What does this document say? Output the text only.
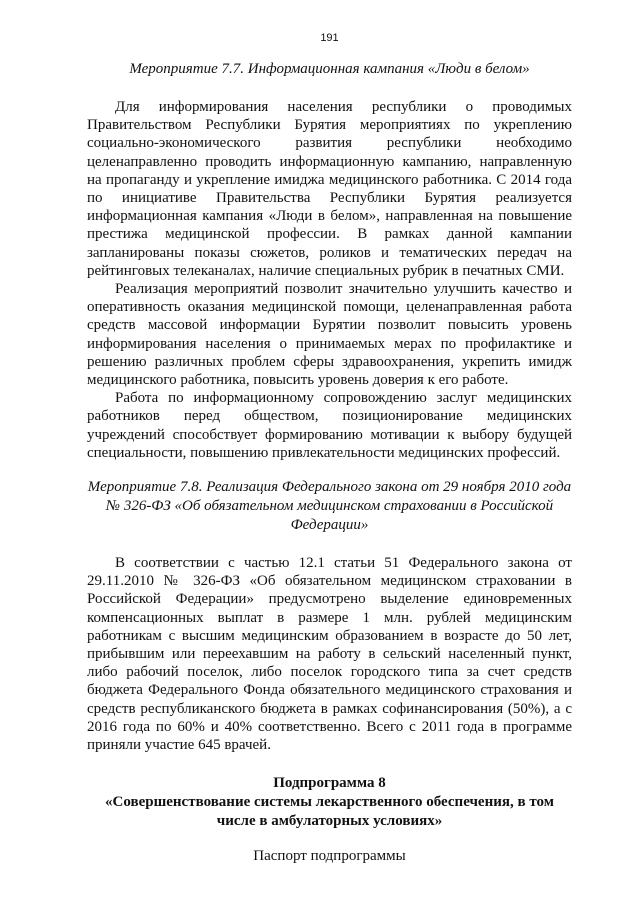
191
Мероприятие 7.7. Информационная кампания «Люди в белом»

Для информирования населения республики о проводимых Правительством Республики Бурятия мероприятиях по укреплению социально-экономического развития республики необходимо целенаправленно проводить информационную кампанию, направленную на пропаганду и укрепление имиджа медицинского работника. С 2014 года по инициативе Правительства Республики Бурятия реализуется информационная кампания «Люди в белом», направленная на повышение престижа медицинской профессии. В рамках данной кампании запланированы показы сюжетов, роликов и тематических передач на рейтинговых телеканалах, наличие специальных рубрик в печатных СМИ.

Реализация мероприятий позволит значительно улучшить качество и оперативность оказания медицинской помощи, целенаправленная работа средств массовой информации Бурятии позволит повысить уровень информирования населения о принимаемых мерах по профилактике и решению различных проблем сферы здравоохранения, укрепить имидж медицинского работника, повысить уровень доверия к его работе.

Работа по информационному сопровождению заслуг медицинских работников перед обществом, позиционирование медицинских учреждений способствует формированию мотивации к выбору будущей специальности, повышению привлекательности медицинских профессий.

Мероприятие 7.8. Реализация Федерального закона от 29 ноября 2010 года
№ 326-ФЗ «Об обязательном медицинском страховании в Российской
Федерации»

В соответствии с частью 12.1 статьи 51 Федерального закона от 29.11.2010 № 326-ФЗ «Об обязательном медицинском страховании в Российской Федерации» предусмотрено выделение единовременных компенсационных выплат в размере 1 млн. рублей медицинским работникам с высшим медицинским образованием в возрасте до 50 лет, прибывшим или переехавшим на работу в сельский населенный пункт, либо рабочий поселок, либо поселок городского типа за счет средств бюджета Федерального Фонда обязательного медицинского страхования и средств республиканского бюджета в рамках софинансирования (50%), а с 2016 года по 60% и 40% соответственно. Всего с 2011 года в программе приняли участие 645 врачей.

Подпрограмма 8
«Совершенствование системы лекарственного обеспечения, в том
числе в амбулаторных условиях»
Паспорт подпрограммы
